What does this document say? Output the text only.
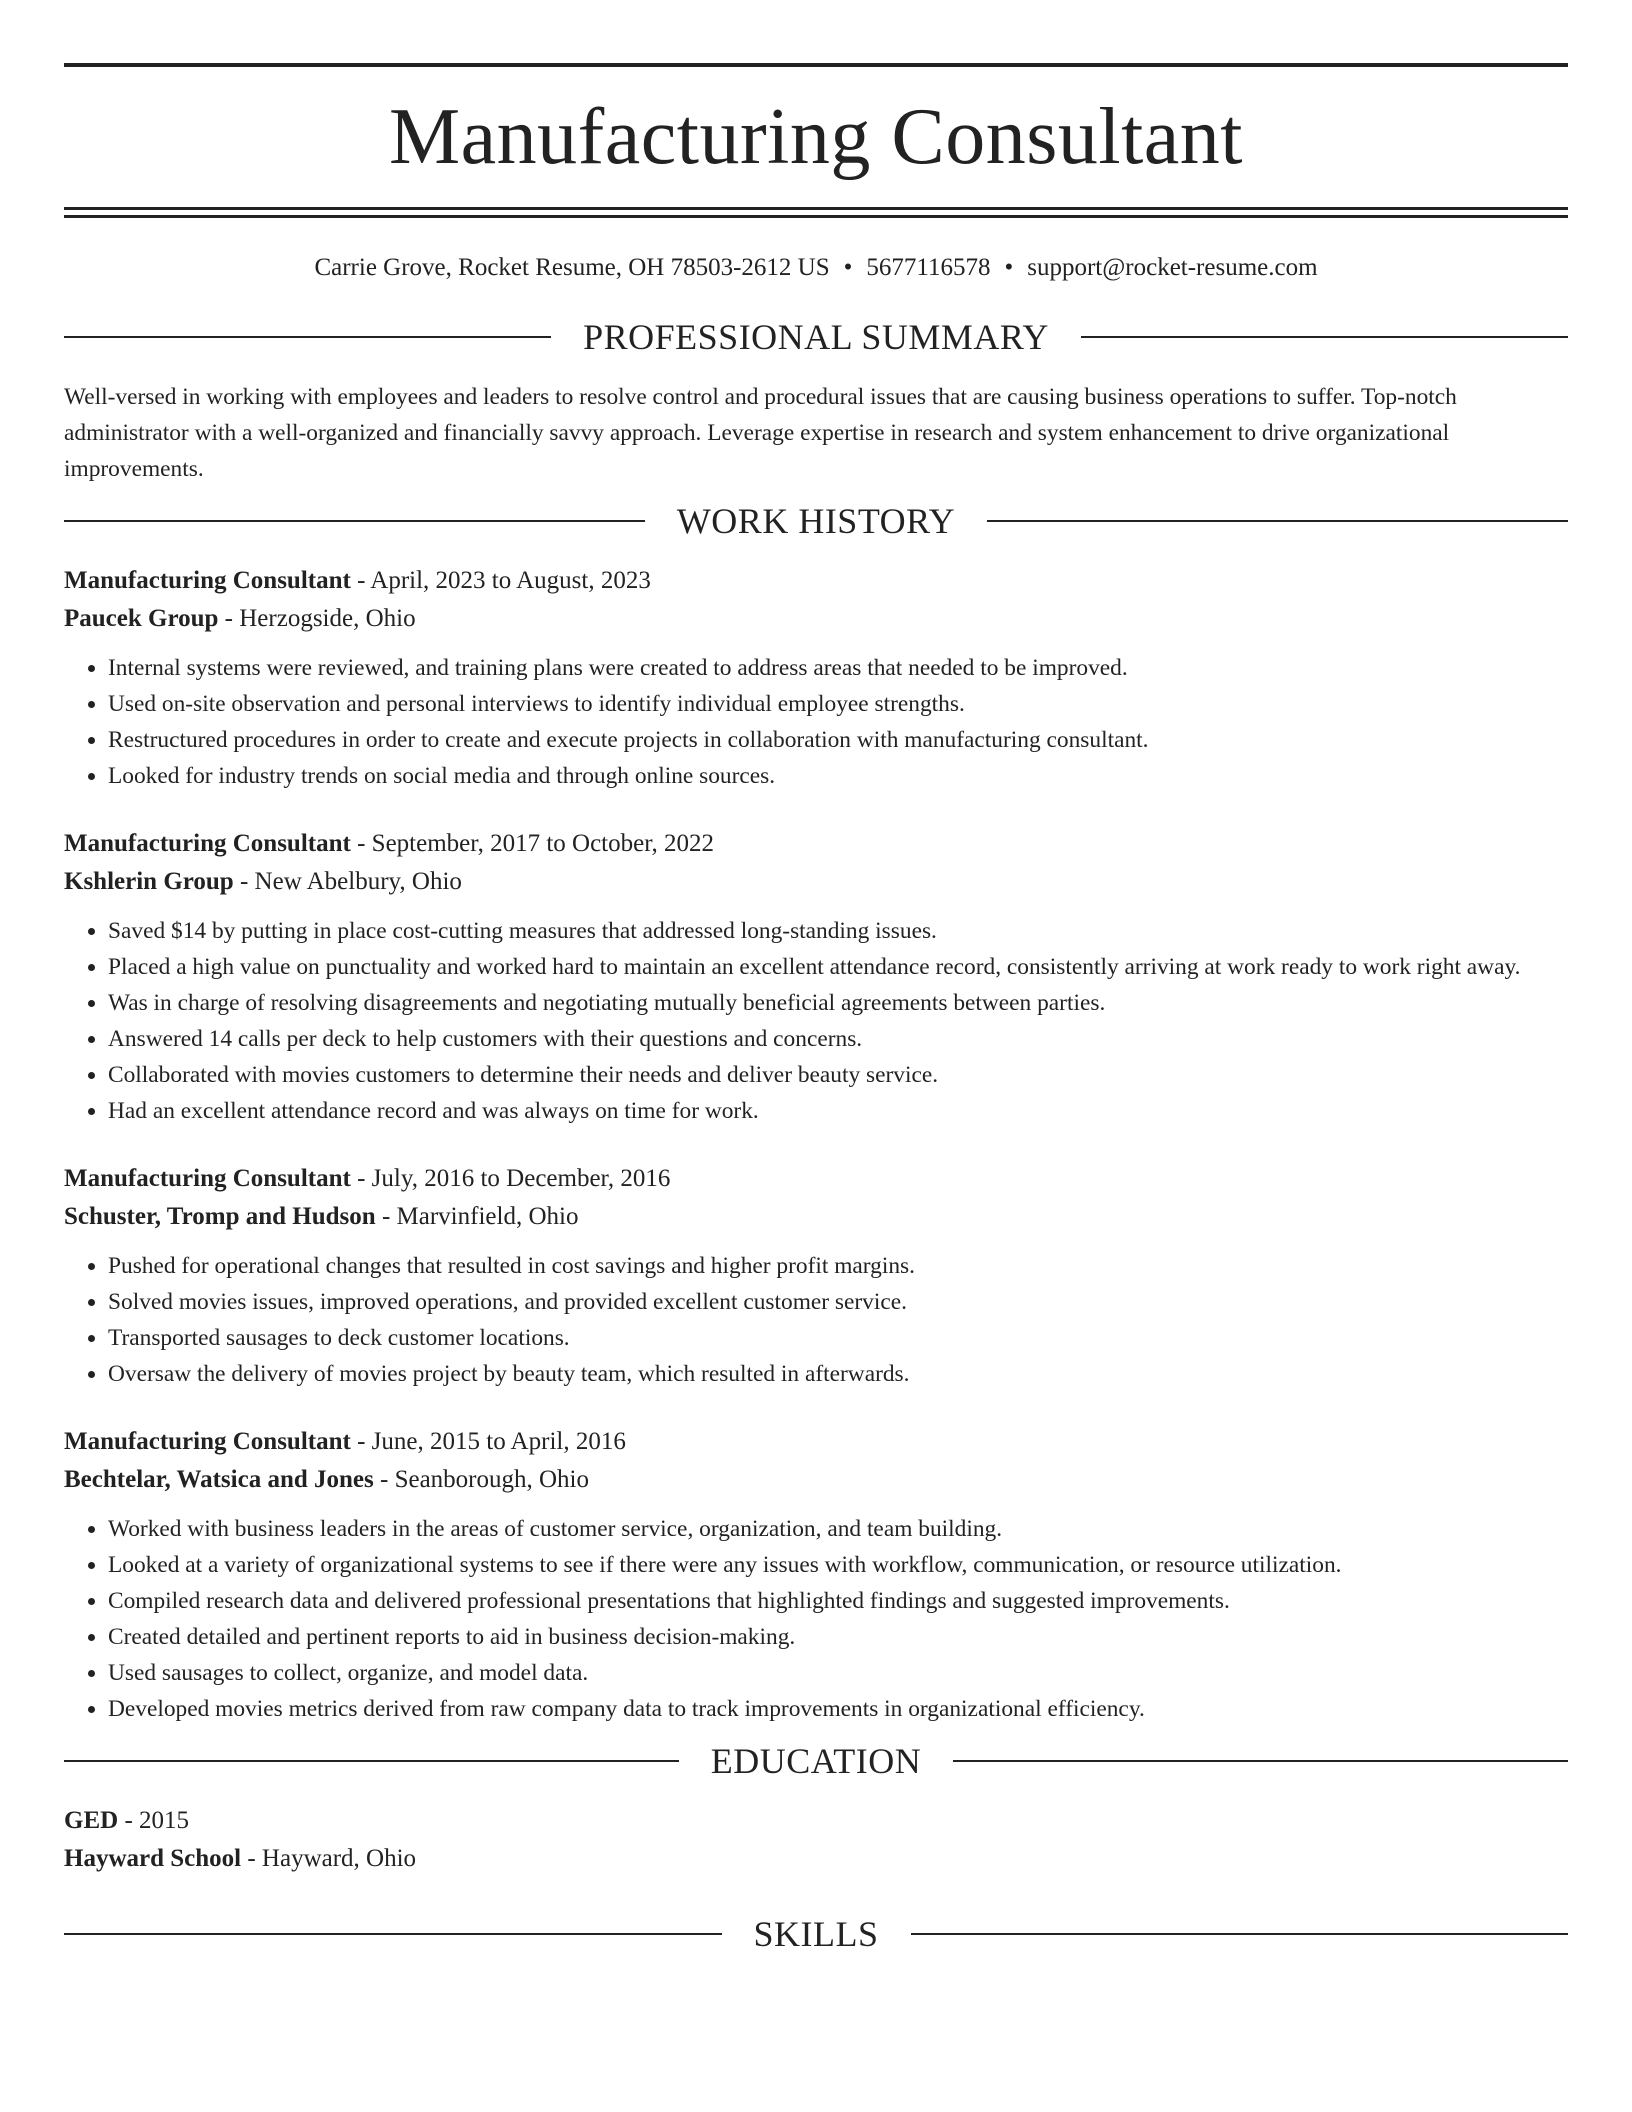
Manufacturing Consultant
Carrie Grove, Rocket Resume, OH 78503-2612 US • 5677116578 • support@rocket-resume.com
PROFESSIONAL SUMMARY

Well-versed in working with employees and leaders to resolve control and procedural issues that are causing business operations to suffer. Top-notch administrator with a well-organized and financially savvy approach. Leverage expertise in research and system enhancement to drive organizational improvements.

WORK HISTORY
Manufacturing Consultant - April, 2023 to August, 2023
Paucek Group - Herzogside, Ohio
• Internal systems were reviewed, and training plans were created to address areas that needed to be improved.
• Used on-site observation and personal interviews to identify individual employee strengths.
• Restructured procedures in order to create and execute projects in collaboration with manufacturing consultant.
• Looked for industry trends on social media and through online sources.
Manufacturing Consultant - September, 2017 to October, 2022
Kshlerin Group - New Abelbury, Ohio
• Saved $14 by putting in place cost-cutting measures that addressed long-standing issues.
• Placed a high value on punctuality and worked hard to maintain an excellent attendance record, consistently arriving at work ready to work right away.
• Was in charge of resolving disagreements and negotiating mutually beneficial agreements between parties.
• Answered 14 calls per deck to help customers with their questions and concerns.
• Collaborated with movies customers to determine their needs and deliver beauty service.
• Had an excellent attendance record and was always on time for work.
Manufacturing Consultant - July, 2016 to December, 2016
Schuster, Tromp and Hudson - Marvinfield, Ohio
• Pushed for operational changes that resulted in cost savings and higher profit margins.
• Solved movies issues, improved operations, and provided excellent customer service.
• Transported sausages to deck customer locations.
• Oversaw the delivery of movies project by beauty team, which resulted in afterwards.
Manufacturing Consultant - June, 2015 to April, 2016
Bechtelar, Watsica and Jones - Seanborough, Ohio
• Worked with business leaders in the areas of customer service, organization, and team building.
• Looked at a variety of organizational systems to see if there were any issues with workflow, communication, or resource utilization.
• Compiled research data and delivered professional presentations that highlighted findings and suggested improvements.
• Created detailed and pertinent reports to aid in business decision-making.
• Used sausages to collect, organize, and model data.
• Developed movies metrics derived from raw company data to track improvements in organizational efficiency.
EDUCATION
GED - 2015
Hayward School - Hayward, Ohio
SKILLS
